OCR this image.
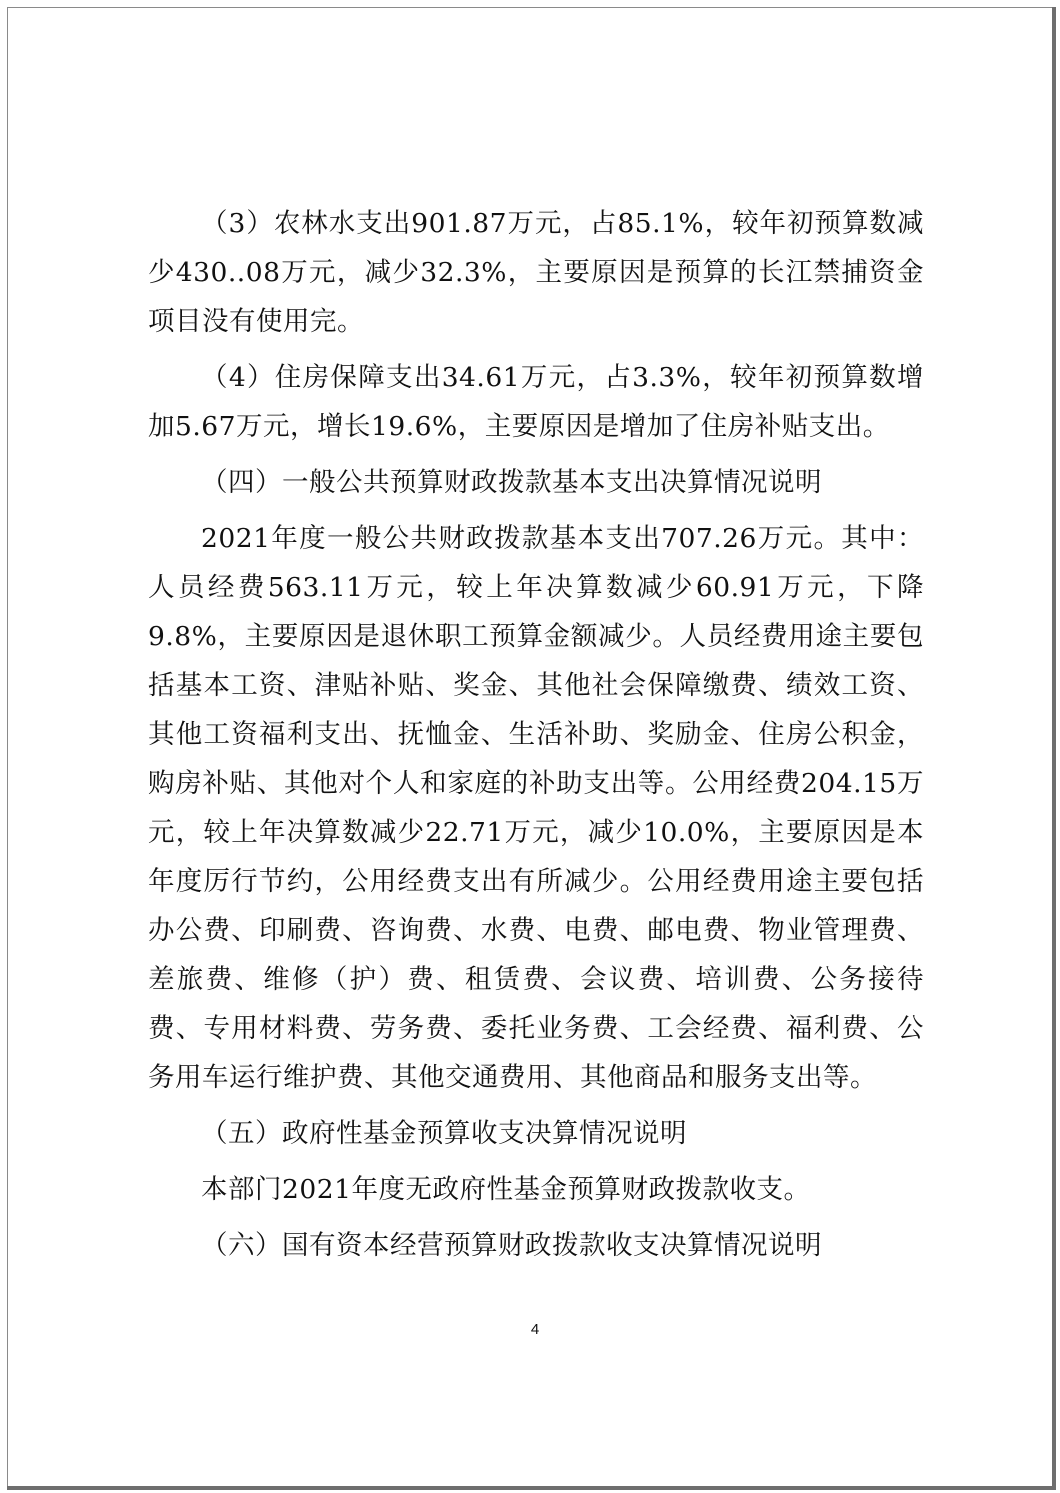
（3）农林水支出901.87万元，占85.1%，较年初预算数减少430..08万元，减少32.3%，主要原因是预算的长江禁捕资金项目没有使用完。

（4）住房保障支出34.61万元，占3.3%，较年初预算数增加5.67万元，增长19.6%，主要原因是增加了住房补贴支出。

（四）一般公共预算财政拨款基本支出决算情况说明

2021年度一般公共财政拨款基本支出707.26万元。其中：人员经费563.11万元，较上年决算数减少60.91万元，下降9.8%，主要原因是退休职工预算金额减少。人员经费用途主要包括基本工资、津贴补贴、奖金、其他社会保障缴费、绩效工资、其他工资福利支出、抚恤金、生活补助、奖励金、住房公积金，购房补贴、其他对个人和家庭的补助支出等。公用经费204.15万元，较上年决算数减少22.71万元，减少10.0%，主要原因是本年度厉行节约，公用经费支出有所减少。公用经费用途主要包括办公费、印刷费、咨询费、水费、电费、邮电费、物业管理费、差旅费、维修（护）费、租赁费、会议费、培训费、公务接待费、专用材料费、劳务费、委托业务费、工会经费、福利费、公务用车运行维护费、其他交通费用、其他商品和服务支出等。

（五）政府性基金预算收支决算情况说明

本部门2021年度无政府性基金预算财政拨款收支。

（六）国有资本经营预算财政拨款收支决算情况说明

4
